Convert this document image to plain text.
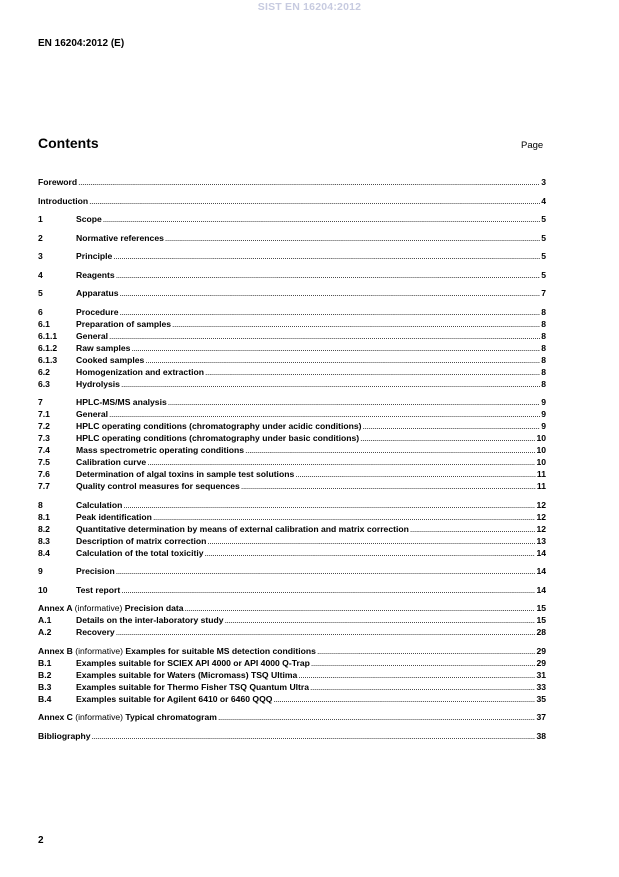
SIST EN 16204:2012
EN 16204:2012 (E)
Contents	Page
Foreword .....	3
Introduction .....	4
1	Scope .....	5
2	Normative references .....	5
3	Principle .....	5
4	Reagents .....	5
5	Apparatus .....	7
6	Procedure .....	8
6.1	Preparation of samples .....	8
6.1.1	General .....	8
6.1.2	Raw samples .....	8
6.1.3	Cooked samples .....	8
6.2	Homogenization and extraction .....	8
6.3	Hydrolysis .....	8
7	HPLC-MS/MS analysis .....	9
7.1	General .....	9
7.2	HPLC operating conditions (chromatography under acidic conditions) .....	9
7.3	HPLC operating conditions (chromatography under basic conditions) .....	10
7.4	Mass spectrometric operating conditions .....	10
7.5	Calibration curve .....	10
7.6	Determination of algal toxins in sample test solutions .....	11
7.7	Quality control measures for sequences .....	11
8	Calculation .....	12
8.1	Peak identification .....	12
8.2	Quantitative determination by means of external calibration and matrix correction .....	12
8.3	Description of matrix correction .....	13
8.4	Calculation of the total toxicitiy .....	14
9	Precision .....	14
10	Test report .....	14
Annex A (informative) Precision data .....	15
A.1	Details on the inter-laboratory study .....	15
A.2	Recovery .....	28
Annex B (informative) Examples for suitable MS detection conditions .....	29
B.1	Examples suitable for SCIEX API 4000 or API 4000 Q-Trap .....	29
B.2	Examples suitable for Waters (Micromass) TSQ Ultima .....	31
B.3	Examples suitable for Thermo Fisher TSQ Quantum Ultra .....	33
B.4	Examples suitable for Agilent 6410 or 6460 QQQ .....	35
Annex C (informative) Typical chromatogram .....	37
Bibliography .....	38
2
